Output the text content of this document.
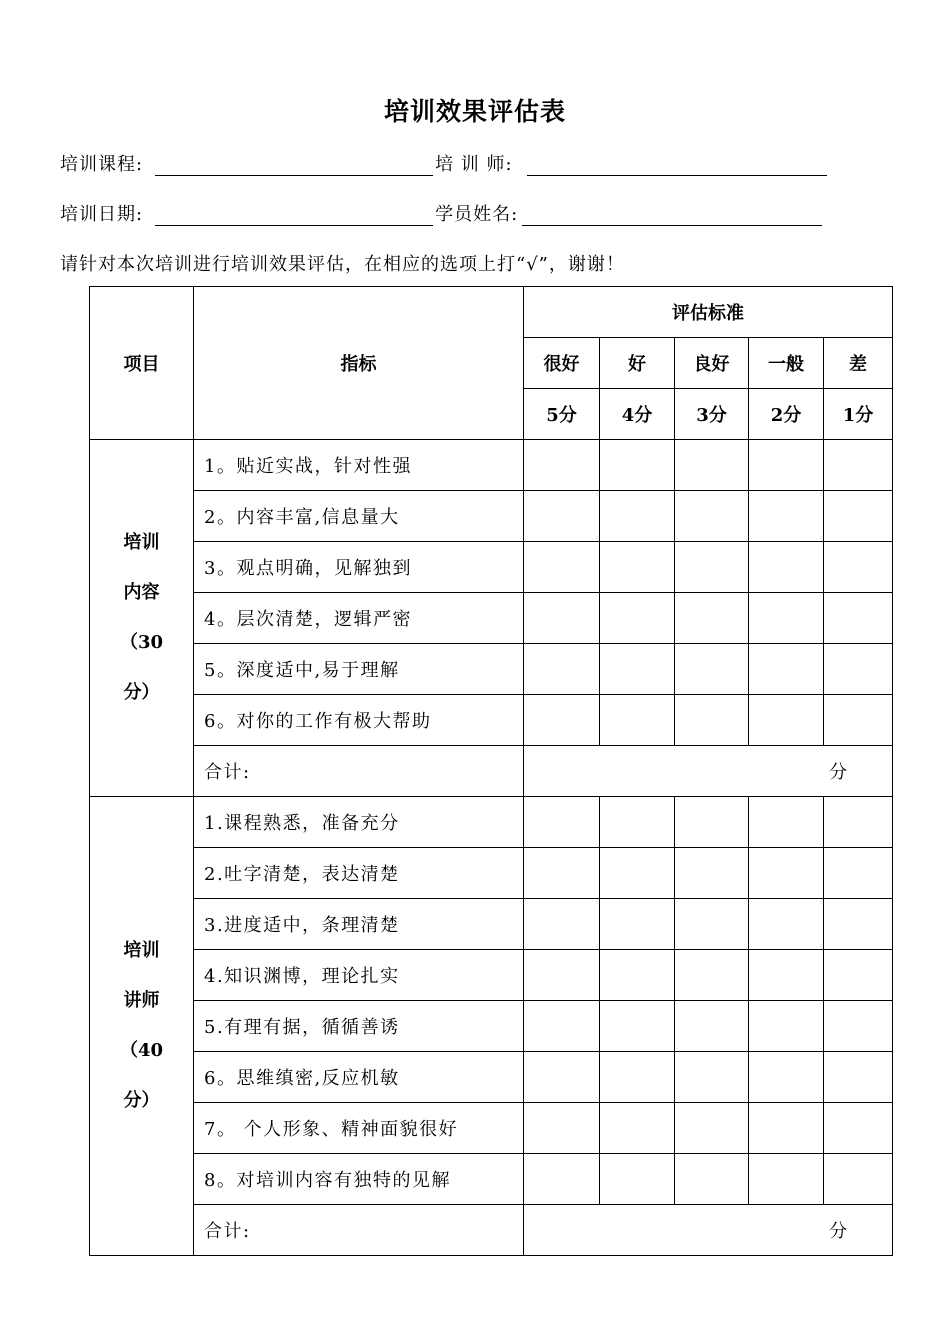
培训效果评估表
培训课程:	培 训 师:
培训日期:	学员姓名:
请针对本次培训进行培训效果评估，在相应的选项上打“√”，谢谢！
项目	指标	评估标准				
		很好	好	良好	一般	差
		5分	4分	3分	2分	1分

培训
内容
（30
分）	1。贴近实战，针对性强					
	2。内容丰富,信息量大					
	3。观点明确，见解独到					
	4。层次清楚，逻辑严密					
	5。深度适中,易于理解					
	6。对你的工作有极大帮助					
	合计:	分				

培训
讲师
（40
分）	1.课程熟悉，准备充分					
	2.吐字清楚，表达清楚					
	3.进度适中，条理清楚					
	4.知识渊博，理论扎实					
	5.有理有据，循循善诱					
	6。思维缜密,反应机敏					
	7。 个人形象、精神面貌很好					
	8。对培训内容有独特的见解					
	合计:	分				
